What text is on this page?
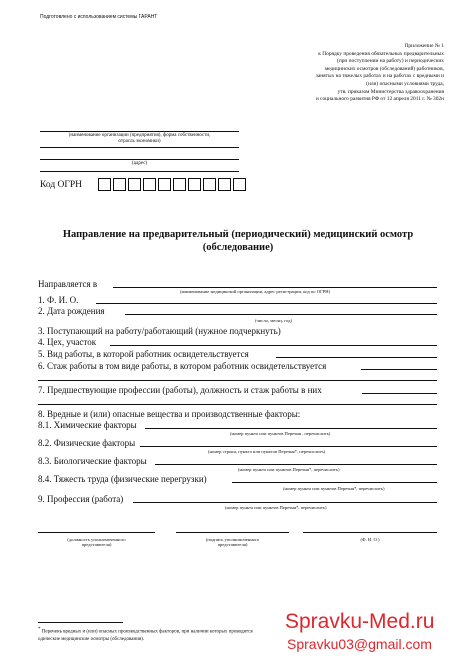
Подготовлено с использованием системы ГАРАНТ
Приложение № 1
к Порядку проведения обязательных предварительных
(при поступлении на работу) и периодических
медицинских осмотров (обследований) работников,
занятых на тяжелых работах и на работах с вредными и
(или) опасными условиями труда,
утв. приказом Министерства здравоохранения
и социального развития РФ от 12 апреля 2011 г. № 302н
(наименование организации (предприятия), форма собственности,
отрасль экономики)
(адрес)
Код ОГРН
Направление на предварительный (периодический) медицинский осмотр
(обследование)
Направляется в
(наименование медицинской организации, адрес регистрации, код по ОГРН)
1. Ф. И. О.
2. Дата рождения
(число, месяц, год)
3. Поступающий на работу/работающий (нужное подчеркнуть)
4. Цех, участок
5. Вид работы, в которой работник освидетельствуется
6. Стаж работы в том виде работы, в котором работник освидетельствуется
7. Предшествующие профессии (работы), должность и стаж работы в них
8. Вредные и (или) опасные вещества и производственные факторы:
8.1. Химические факторы
(номер пункта или пунктов Перечня , перечислить)
8.2. Физические факторы
(номер строки, пункта или пунктов Перечня*, перечислить)
8.3. Биологические факторы
(номер пункта или пунктов Перечня*, перечислить)
8.4. Тяжесть труда (физические перегрузки)
(номер пункта или пунктов Перечня*, перечислить)
9. Профессия (работа)
(номер пункта или пунктов Перечня*, перечислить)
(должность уполномоченного
представителя)
(подпись уполномоченного
представителя)
(Ф. И. О.)
* Перечень вредных и (или) опасных производственных факторов, при наличии которых проводятся
одические медицинские осмотры (обследования).
Spravku-Med.ru
Spravku03@gmail.com
